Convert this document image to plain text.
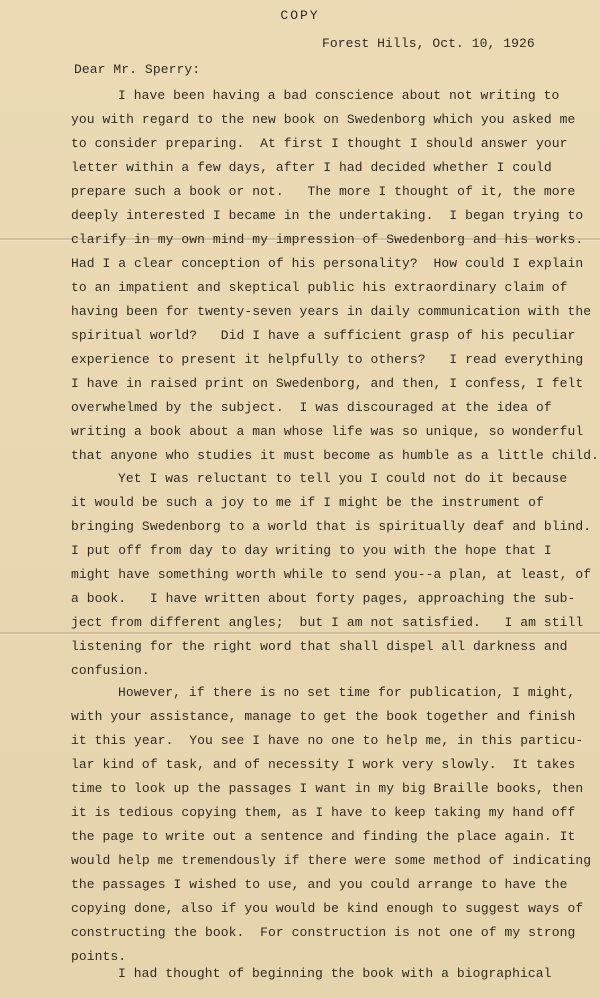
COPY
Forest Hills, Oct. 10, 1926
Dear Mr. Sperry:
I have been having a bad conscience about not writing to
you with regard to the new book on Swedenborg which you asked me
to consider preparing.  At first I thought I should answer your
letter within a few days, after I had decided whether I could
prepare such a book or not.   The more I thought of it, the more
deeply interested I became in the undertaking.  I began trying to
clarify in my own mind my impression of Swedenborg and his works.
Had I a clear conception of his personality?  How could I explain
to an impatient and skeptical public his extraordinary claim of
having been for twenty-seven years in daily communication with the
spiritual world?   Did I have a sufficient grasp of his peculiar
experience to present it helpfully to others?   I read everything
I have in raised print on Swedenborg, and then, I confess, I felt
overwhelmed by the subject.  I was discouraged at the idea of
writing a book about a man whose life was so unique, so wonderful
that anyone who studies it must become as humble as a little child.
Yet I was reluctant to tell you I could not do it because
it would be such a joy to me if I might be the instrument of
bringing Swedenborg to a world that is spiritually deaf and blind.
I put off from day to day writing to you with the hope that I
might have something worth while to send you--a plan, at least, of
a book.   I have written about forty pages, approaching the sub-
ject from different angles;  but I am not satisfied.   I am still
listening for the right word that shall dispel all darkness and
confusion.
However, if there is no set time for publication, I might,
with your assistance, manage to get the book together and finish
it this year.  You see I have no one to help me, in this particu-
lar kind of task, and of necessity I work very slowly.  It takes
time to look up the passages I want in my big Braille books, then
it is tedious copying them, as I have to keep taking my hand off
the page to write out a sentence and finding the place again. It
would help me tremendously if there were some method of indicating
the passages I wished to use, and you could arrange to have the
copying done, also if you would be kind enough to suggest ways of
constructing the book.  For construction is not one of my strong
points.
I had thought of beginning the book with a biographical
